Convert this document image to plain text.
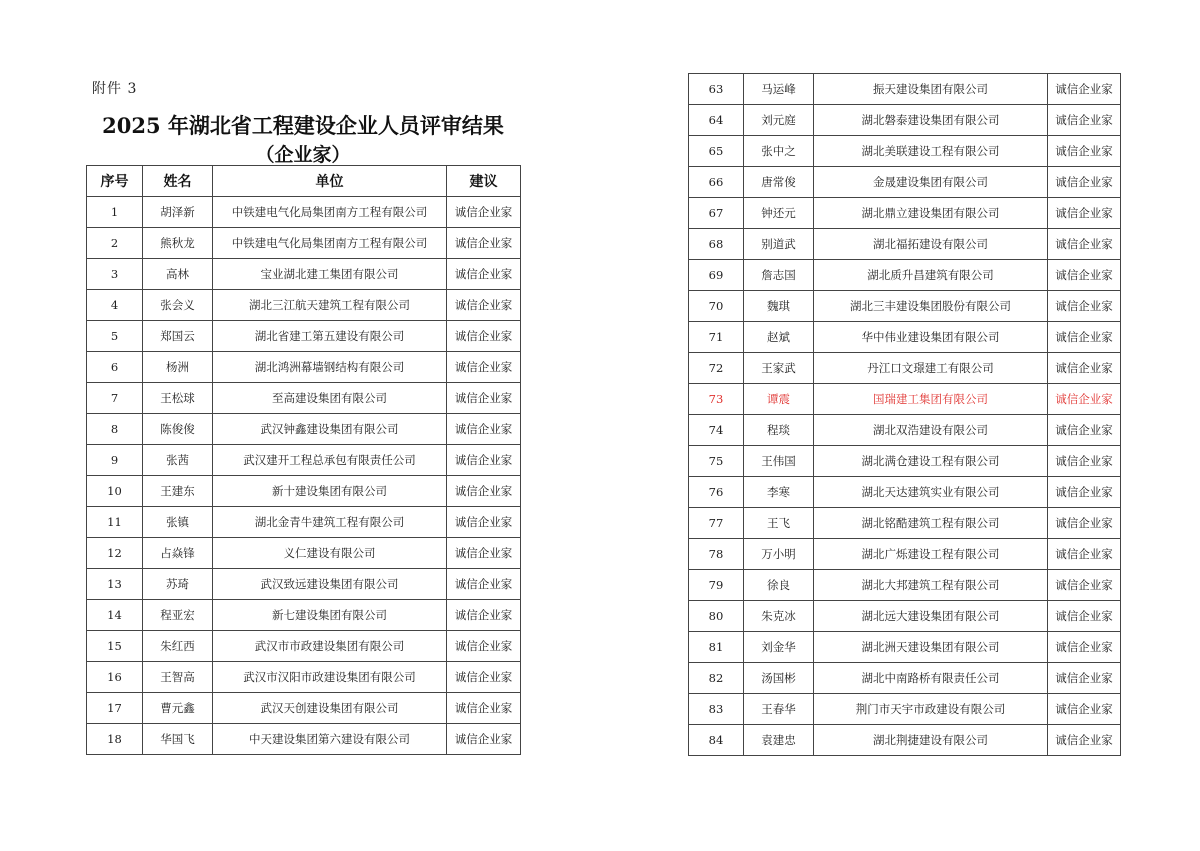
附件 3
2025 年湖北省工程建设企业人员评审结果
（企业家）
序号	姓名	单位	建议
1	胡泽新	中铁建电气化局集团南方工程有限公司	诚信企业家
2	熊秋龙	中铁建电气化局集团南方工程有限公司	诚信企业家
3	高林	宝业湖北建工集团有限公司	诚信企业家
4	张会义	湖北三江航天建筑工程有限公司	诚信企业家
5	郑国云	湖北省建工第五建设有限公司	诚信企业家
6	杨洲	湖北鸿洲幕墙钢结构有限公司	诚信企业家
7	王松球	至高建设集团有限公司	诚信企业家
8	陈俊俊	武汉钟鑫建设集团有限公司	诚信企业家
9	张茜	武汉建开工程总承包有限责任公司	诚信企业家
10	王建东	新十建设集团有限公司	诚信企业家
11	张镇	湖北金青牛建筑工程有限公司	诚信企业家
12	占焱锋	义仁建设有限公司	诚信企业家
13	苏琦	武汉致远建设集团有限公司	诚信企业家
14	程亚宏	新七建设集团有限公司	诚信企业家
15	朱红西	武汉市市政建设集团有限公司	诚信企业家
16	王智高	武汉市汉阳市政建设集团有限公司	诚信企业家
17	曹元鑫	武汉天创建设集团有限公司	诚信企业家
18	华国飞	中天建设集团第六建设有限公司	诚信企业家
63	马运峰	振天建设集团有限公司	诚信企业家
64	刘元庭	湖北磐泰建设集团有限公司	诚信企业家
65	张中之	湖北美联建设工程有限公司	诚信企业家
66	唐常俊	金晟建设集团有限公司	诚信企业家
67	钟还元	湖北鼎立建设集团有限公司	诚信企业家
68	别道武	湖北福拓建设有限公司	诚信企业家
69	詹志国	湖北质升昌建筑有限公司	诚信企业家
70	魏琪	湖北三丰建设集团股份有限公司	诚信企业家
71	赵斌	华中伟业建设集团有限公司	诚信企业家
72	王家武	丹江口文璟建工有限公司	诚信企业家
73	谭震	国瑞建工集团有限公司	诚信企业家
74	程琰	湖北双浩建设有限公司	诚信企业家
75	王伟国	湖北满仓建设工程有限公司	诚信企业家
76	李寒	湖北天达建筑实业有限公司	诚信企业家
77	王飞	湖北铭酷建筑工程有限公司	诚信企业家
78	万小明	湖北广烁建设工程有限公司	诚信企业家
79	徐良	湖北大邦建筑工程有限公司	诚信企业家
80	朱克冰	湖北远大建设集团有限公司	诚信企业家
81	刘金华	湖北洲天建设集团有限公司	诚信企业家
82	汤国彬	湖北中南路桥有限责任公司	诚信企业家
83	王春华	荆门市天宇市政建设有限公司	诚信企业家
84	袁建忠	湖北荆捷建设有限公司	诚信企业家
